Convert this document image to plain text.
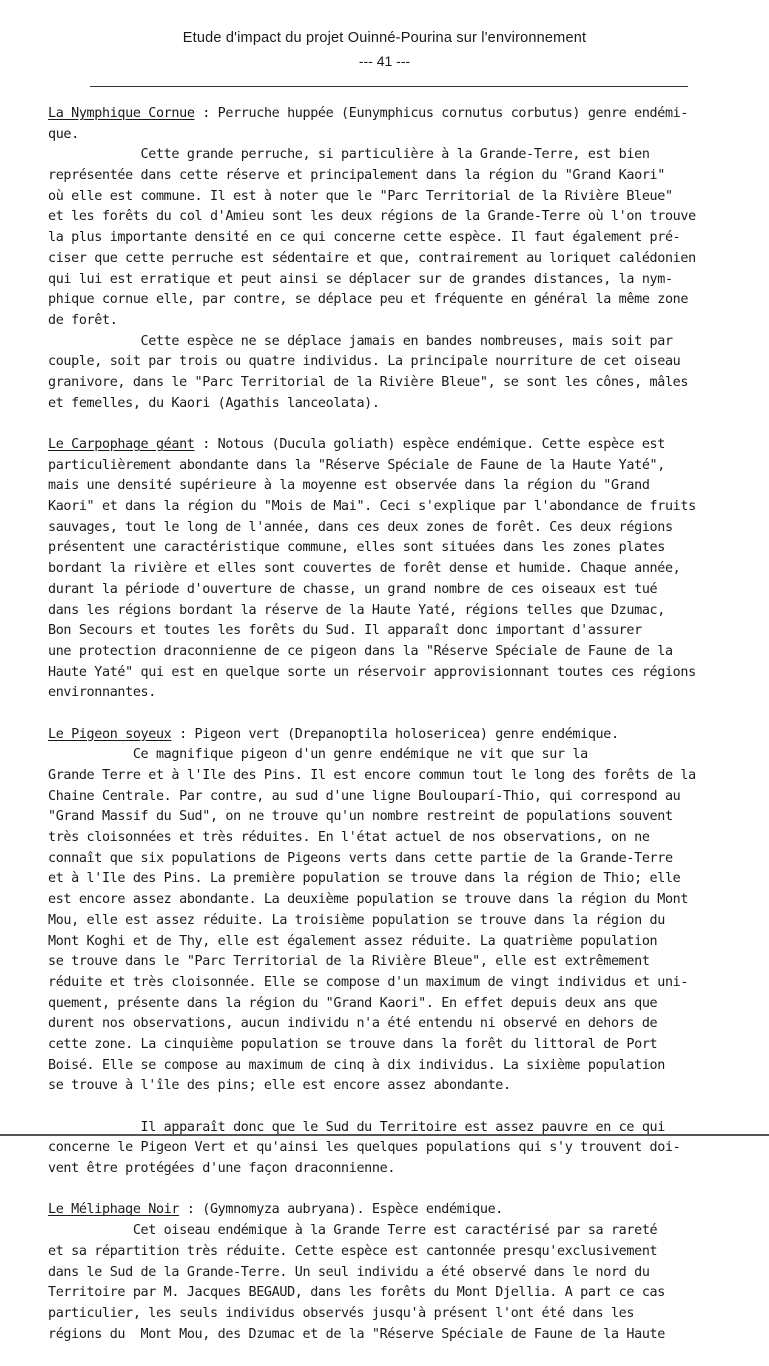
Etude d'impact du projet Ouinné-Pourina sur l'environnement
--- 41 ---
La Nymphique Cornue : Perruche huppée (Eunymphicus cornutus corbutus) genre endémi-
que.
Cette grande perruche, si particulière à la Grande-Terre, est bien
représentée dans cette réserve et principalement dans la région du "Grand Kaori"
où elle est commune. Il est à noter que le "Parc Territorial de la Rivière Bleue"
et les forêts du col d'Amieu sont les deux régions de la Grande-Terre où l'on trouve
la plus importante densité en ce qui concerne cette espèce. Il faut également pré-
ciser que cette perruche est sédentaire et que, contrairement au loriquet calédonien
qui lui est erratique et peut ainsi se déplacer sur de grandes distances, la nym-
phique cornue elle, par contre, se déplace peu et fréquente en général la même zone
de forêt.
Cette espèce ne se déplace jamais en bandes nombreuses, mais soit par
couple, soit par trois ou quatre individus. La principale nourriture de cet oiseau
granivore, dans le "Parc Territorial de la Rivière Bleue", se sont les cônes, mâles
et femelles, du Kaori (Agathis lanceolata).
Le Carpophage géant : Notous (Ducula goliath) espèce endémique. Cette espèce est
particulièrement abondante dans la "Réserve Spéciale de Faune de la Haute Yaté",
mais une densité supérieure à la moyenne est observée dans la région du "Grand
Kaori" et dans la région du "Mois de Mai". Ceci s'explique par l'abondance de fruits
sauvages, tout le long de l'année, dans ces deux zones de forêt. Ces deux régions
présentent une caractéristique commune, elles sont situées dans les zones plates
bordant la rivière et elles sont couvertes de forêt dense et humide. Chaque année,
durant la période d'ouverture de chasse, un grand nombre de ces oiseaux est tué
dans les régions bordant la réserve de la Haute Yaté, régions telles que Dzumac,
Bon Secours et toutes les forêts du Sud. Il apparaît donc important d'assurer
une protection draconnienne de ce pigeon dans la "Réserve Spéciale de Faune de la
Haute Yaté" qui est en quelque sorte un réservoir approvisionnant toutes ces régions
environnantes.
Le Pigeon soyeux : Pigeon vert (Drepanoptila holosericea) genre endémique.
Ce magnifique pigeon d'un genre endémique ne vit que sur la
Grande Terre et à l'Ile des Pins. Il est encore commun tout le long des forêts de la
Chaine Centrale. Par contre, au sud d'une ligne Boulouparí-Thio, qui correspond au
"Grand Massif du Sud", on ne trouve qu'un nombre restreint de populations souvent
très cloisonnées et très réduites. En l'état actuel de nos observations, on ne
connaît que six populations de Pigeons verts dans cette partie de la Grande-Terre
et à l'Ile des Pins. La première population se trouve dans la région de Thio; elle
est encore assez abondante. La deuxième population se trouve dans la région du Mont
Mou, elle est assez réduite. La troisième population se trouve dans la région du
Mont Koghi et de Thy, elle est également assez réduite. La quatrième population
se trouve dans le "Parc Territorial de la Rivière Bleue", elle est extrêmement
réduite et très cloisonnée. Elle se compose d'un maximum de vingt individus et uni-
quement, présente dans la région du "Grand Kaori". En effet depuis deux ans que
durent nos observations, aucun individu n'a été entendu ni observé en dehors de
cette zone. La cinquième population se trouve dans la forêt du littoral de Port
Boisé. Elle se compose au maximum de cinq à dix individus. La sixième population
se trouve à l'île des pins; elle est encore assez abondante.
Il apparaît donc que le Sud du Territoire est assez pauvre en ce qui
concerne le Pigeon Vert et qu'ainsi les quelques populations qui s'y trouvent doi-
vent être protégées d'une façon draconnienne.
Le Méliphage Noir : (Gymnomyza aubryana). Espèce endémique.
Cet oiseau endémique à la Grande Terre est caractérisé par sa rareté
et sa répartition très réduite. Cette espèce est cantonnée presqu'exclusivement
dans le Sud de la Grande-Terre. Un seul individu a été observé dans le nord du
Territoire par M. Jacques BEGAUD, dans les forêts du Mont Djellia. A part ce cas
particulier, les seuls individus observés jusqu'à présent l'ont été dans les
régions du  Mont Mou, des Dzumac et de la "Réserve Spéciale de Faune de la Haute
